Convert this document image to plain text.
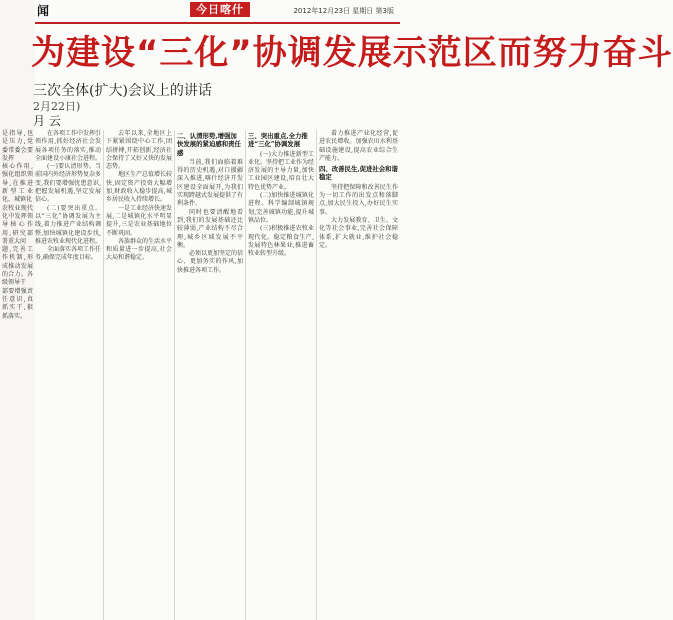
是指导,也是压力,党委常委会要发挥

核心作用,强化组织领导,在推进新型工业化、城镇化

农牧业现代化中发挥领导核心作用,研究部署重大问

题,完善工作机制,形成推动发展的合力。各级领导干

部要增强责任意识,真抓实干,狠抓落实。

闻	今日喀什	2012年12月23日 星期日 第3版
为建设“三化”协调发展示范区而努力奋斗
三次全体(扩大)会议上的讲话
2月22日)
月 云

在各项工作中发挥引领作用,抓好经济社会发展各项任务的落实,推动全面建设小康社会进程。

(一)要认清形势。当前国内外经济形势复杂多变,我们要增强忧患意识,把握发展机遇,坚定发展信心。

(二)要突出重点。以“三化”协调发展为主线,着力推进产业结构调整,加快城镇化建设步伐,推进农牧业现代化进程。

全面落实各项工作任务,确保完成年度目标。

去年以来,全地区上下紧紧围绕中心工作,团结拼搏,开拓创新,经济社会保持了又好又快的发展态势。

地区生产总值增长较快,固定资产投资大幅增加,财政收入稳步提高,城乡居民收入持续增长。

一是工业经济快速发展,二是城镇化水平明显提升,三是农业基础地位不断巩固。

各族群众的生活水平和质量进一步提高,社会大局和谐稳定。

二、认清形势,增强加快发展的紧迫感和责任感

当前,我们面临着难得的历史机遇,对口援疆深入推进,喀什经济开发区建设全面展开,为我们实现跨越式发展提供了有利条件。

同时也要清醒地看到,我们的发展基础还比较薄弱,产业结构不尽合理,城乡区域发展不平衡。

必须以更加坚定的信心、更加务实的作风,加快推进各项工作。

三、突出重点,全力推进“三化”协调发展

(一)大力推进新型工业化。坚持把工业作为经济发展的主导力量,加快工业园区建设,培育壮大特色优势产业。

(二)加快推进城镇化进程。科学编制城镇规划,完善城镇功能,提升城镇品位。

(三)积极推进农牧业现代化。稳定粮食生产,发展特色林果业,推进畜牧业转型升级。

着力推进产业化经营,促进农民增收。加强农田水利基础设施建设,提高农业综合生产能力。

四、改善民生,促进社会和谐稳定

坚持把保障和改善民生作为一切工作的出发点和落脚点,加大民生投入,办好民生实事。

大力发展教育、卫生、文化等社会事业,完善社会保障体系,扩大就业,维护社会稳定。
